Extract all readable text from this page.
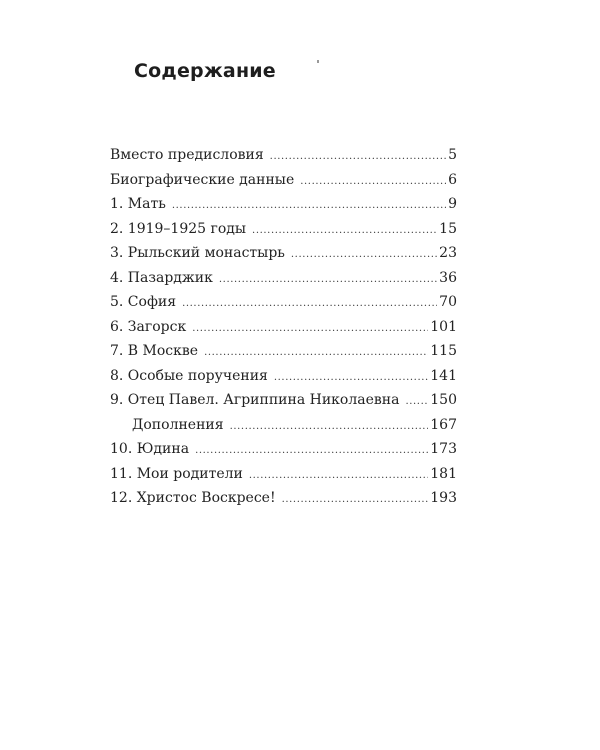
Содержание
Вместо предисловия .....	5
Биографические данные .....	6
1. Мать .....	9
2. 1919–1925 годы .....	15
3. Рыльский монастырь .....	23
4. Пазарджик .....	36
5. София .....	70
6. Загорск .....	101
7. В Москве .....	115
8. Особые поручения .....	141
9. Отец Павел. Агриппина Николаевна ..... 150
Дополнения .....	167
10. Юдина .....	173
11. Мои родители .....	181
12. Христос Воскресе! .....	193
